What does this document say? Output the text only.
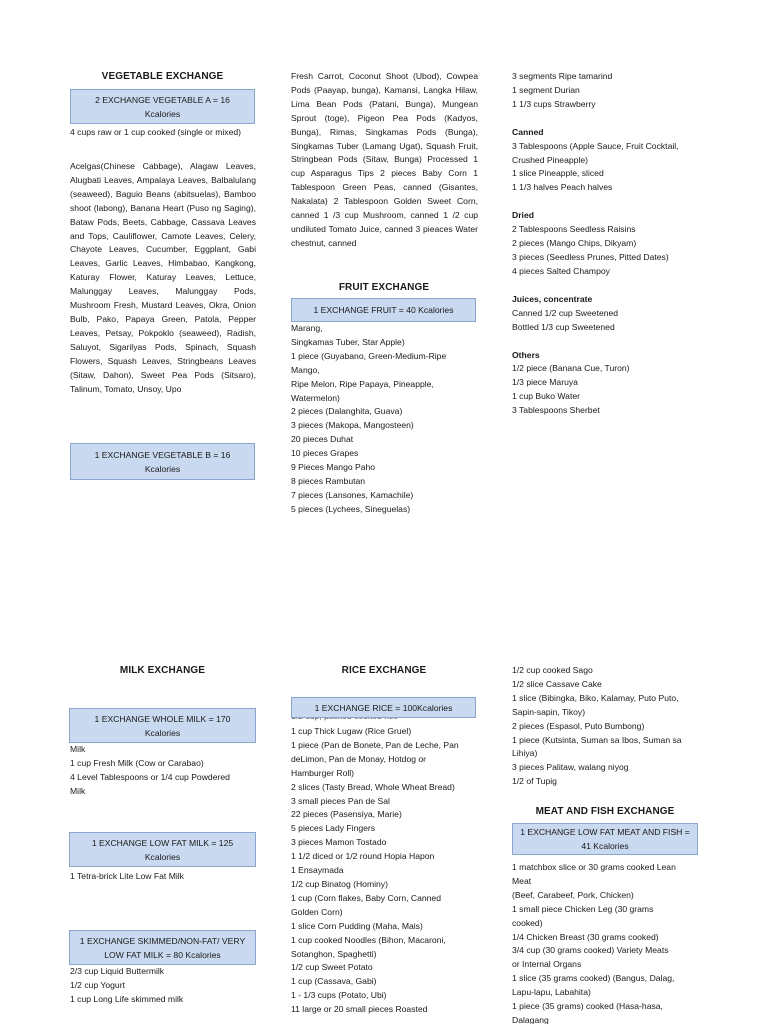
VEGETABLE EXCHANGE
2 EXCHANGE VEGETABLE A = 16 Kcalories
4 cups raw or 1 cup cooked (single or mixed)
Acelgas(Chinese Cabbage), Alagaw Leaves, Alugbati Leaves, Ampalaya Leaves, Balbalulang (seaweed), Baguio Beans (abitsuelas), Bamboo shoot (labong), Banana Heart (Puso ng Saging), Bataw Pods, Beets, Cabbage, Cassava Leaves and Tops, Cauliflower, Camote Leaves, Celery, Chayote Leaves, Cucumber, Eggplant, Gabi Leaves, Garlic Leaves, Himbabao, Kangkong, Katuray Flower, Katuray Leaves, Lettuce, Malunggay Leaves, Malunggay Pods, Mushroom Fresh, Mustard Leaves, Okra, Onion Bulb, Pako, Papaya Green, Patola, Pepper Leaves, Petsay, Pokpoklo (seaweed), Radish, Saluyot, Sigarilyas Pods, Spinach, Squash Flowers, Squash Leaves, Stringbeans Leaves (Sitaw, Dahon), Sweet Pea Pods (Sitsaro), Talinum, Tomato, Unsoy, Upo
1 EXCHANGE VEGETABLE B = 16 Kcalories
MILK EXCHANGE
Milk
1 cup Fresh Milk (Cow or Carabao)
4 Level Tablespoons or 1/4 cup Powdered
Milk
1 EXCHANGE WHOLE MILK = 170 Kcalories
1 EXCHANGE LOW FAT MILK = 125 Kcalories
1 Tetra-brick Lite Low Fat Milk
1 EXCHANGE SKIMMED/NON-FAT/ VERY LOW FAT MILK = 80 Kcalories
2/3 cup Liquid Buttermilk
1/2 cup Yogurt
1 cup Long Life skimmed milk
Fresh Carrot, Coconut Shoot (Ubod), Cowpea Pods (Paayap, bunga), Kamansi, Langka Hilaw, Lima Bean Pods (Patani, Bunga), Mungean Sprout (toge), Pigeon Pea Pods (Kadyos, Bunga), Rimas, Singkamas Pods (Bunga), Singkamas Tuber (Lamang Ugat), Squash Fruit, Stringbean Pods (Sitaw, Bunga) Processed 1 cup Asparagus Tips 2 pieces Baby Corn 1 Tablespoon Green Peas, canned (Gisantes, Nakalata) 2 Tablespoon Golden Sweet Corn, canned 1 /3 cup Mushroom, canned 1 /2 cup undiluted Tomato Juice, canned 3 pieaces Water chestnut, canned
FRUIT EXCHANGE
1 EXCHANGE FRUIT = 40 Kcalories
Marang,
Singkamas Tuber, Star Apple)
1 piece (Guyabano, Green-Medium-Ripe
Mango,
Ripe Melon, Ripe Papaya, Pineapple,
Watermelon)
2 pieces (Dalanghita, Guava)
3 pieces (Makopa, Mangosteen)
20 pieces Duhat
10 pieces Grapes
9 Pieces Mango Paho
8 pieces Rambutan
7 pieces (Lansones, Kamachile)
5 pieces (Lychees, Sineguelas)
RICE EXCHANGE
1 EXCHANGE RICE = 100Kcalories
1 cup Thick Lugaw (Rice Gruel)
1 piece (Pan de Bonete, Pan de Leche, Pan
deLimon, Pan de Monay, Hotdog or
Hamburger Roll)
2 slices (Tasty Bread, Whole Wheat Bread)
3 small pieces Pan de Sal
22 pieces (Pasensiya, Marie)
5 pieces Lady Fingers
3 pieces Mamon Tostado
1 1/2 diced or 1/2 round Hopia Hapon
1 Ensaymada
1/2 cup Binatog (Hominy)
1 cup (Corn flakes, Baby Corn, Canned
Golden Corn)
1 slice Corn Pudding (Maha, Mais)
1 cup cooked Noodles (Bihon, Macaroni,
Sotanghon, Spaghetti)
1/2 cup Sweet Potato
1 cup (Cassava, Gabi)
1 - 1/3 cups (Potato, Ubi)
11 large or 20 small pieces Roasted
3 segments Ripe tamarind
1 segment Durian
1 1/3 cups Strawberry
Canned
3 Tablespoons (Apple Sauce, Fruit Cocktail,
Crushed Pineapple)
1 slice Pineapple, sliced
1 1/3 halves Peach halves
Dried
2 Tablespoons Seedless Raisins
2 pieces (Mango Chips, Dikyam)
3 pieces (Seedless Prunes, Pitted Dates)
4 pieces Salted Champoy
Juices, concentrate
Canned 1/2 cup Sweetened
Bottled 1/3 cup Sweetened
Others
1/2 piece (Banana Cue, Turon)
1/3 piece Maruya
1 cup Buko Water
3 Tablespoons Sherbet
1/2 cup cooked Sago
1/2 slice Cassave Cake
1 slice (Bibingka, Biko, Kalamay, Puto Puto,
Sapin-sapin, Tikoy)
2 pieces (Espasol, Puto Bumbong)
1 piece (Kutsinta, Suman sa Ibos, Suman sa
Lihiya)
3 pieces Palitaw, walang niyog
1/2 of Tupig
MEAT AND FISH EXCHANGE
1 EXCHANGE LOW FAT MEAT AND FISH = 41 Kcalories
1 matchbox slice or 30 grams cooked Lean
Meat
(Beef, Carabeef, Pork, Chicken)
1 small piece Chicken Leg (30 grams
cooked)
1/4 Chicken Breast (30 grams cooked)
3/4 cup (30 grams cooked) Variety Meats
or Internal Organs
1 slice (35 grams cooked) (Bangus, Dalag,
Lapu-lapu, Labahita)
1 piece (35 grams) cooked (Hasa-hasa,
Dalagang
